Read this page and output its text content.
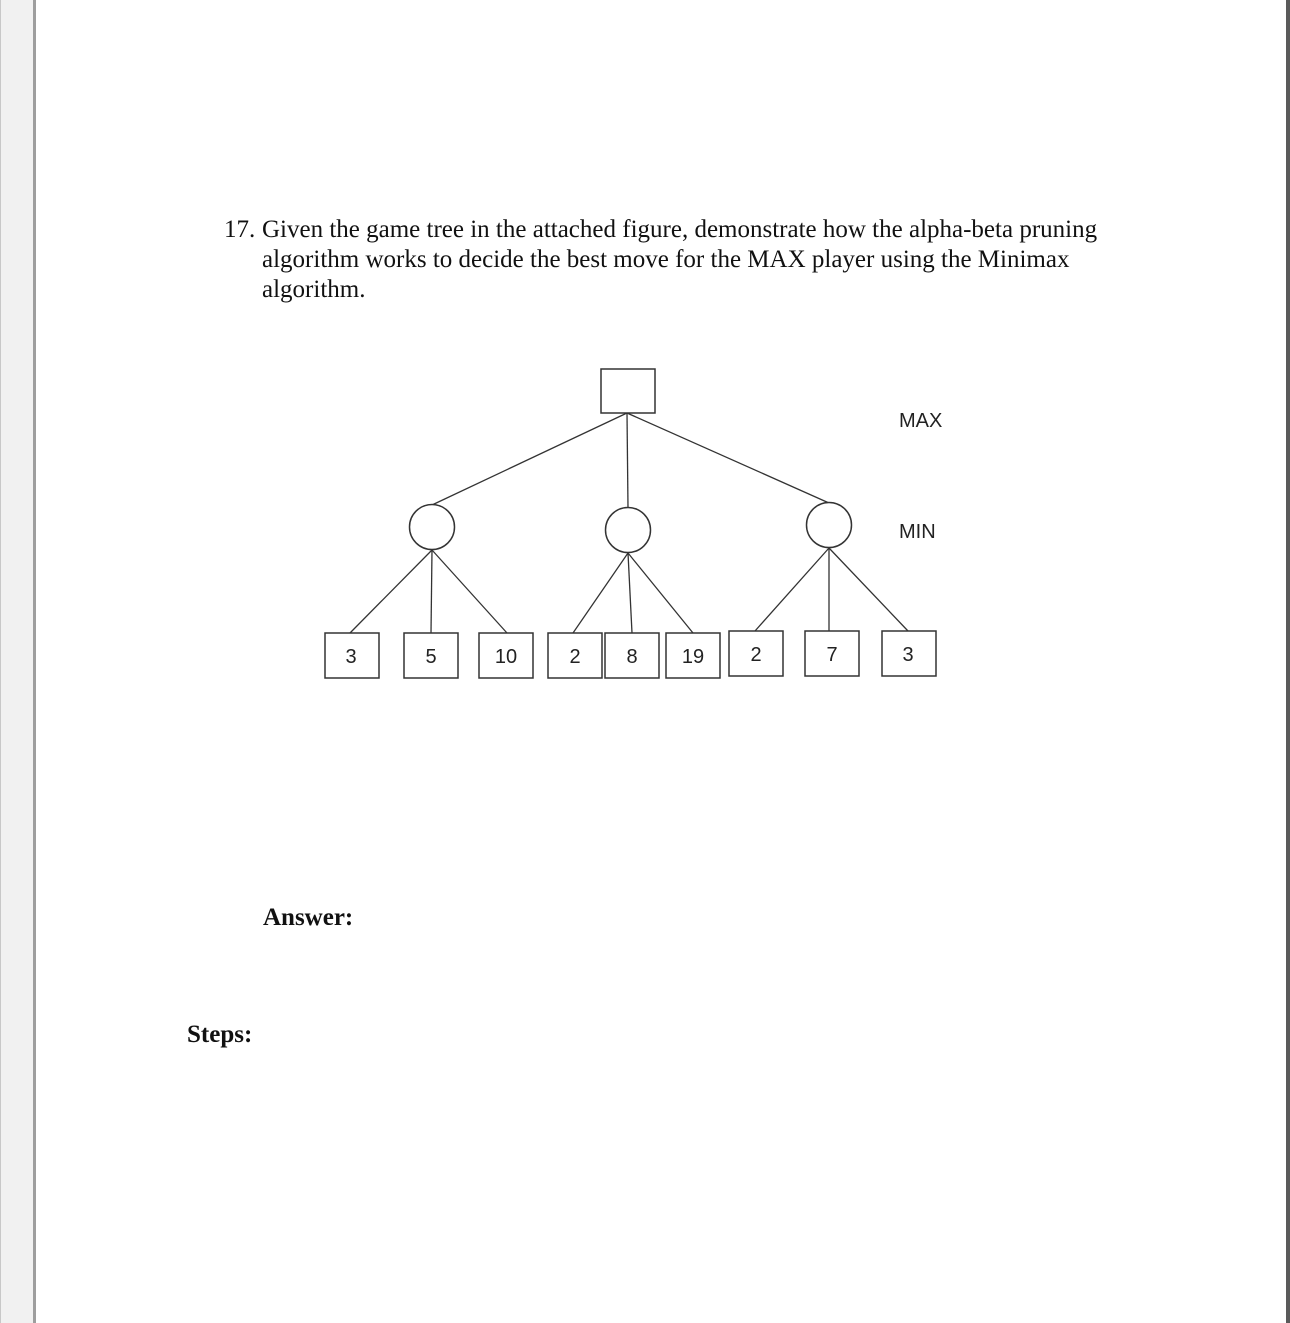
17. Given the game tree in the attached figure, demonstrate how the alpha-beta pruning
algorithm works to decide the best move for the MAX player using the Minimax
algorithm.
3	5	10	2 8 19 2	7	3
MAX
MIN
Answer:
Steps:
